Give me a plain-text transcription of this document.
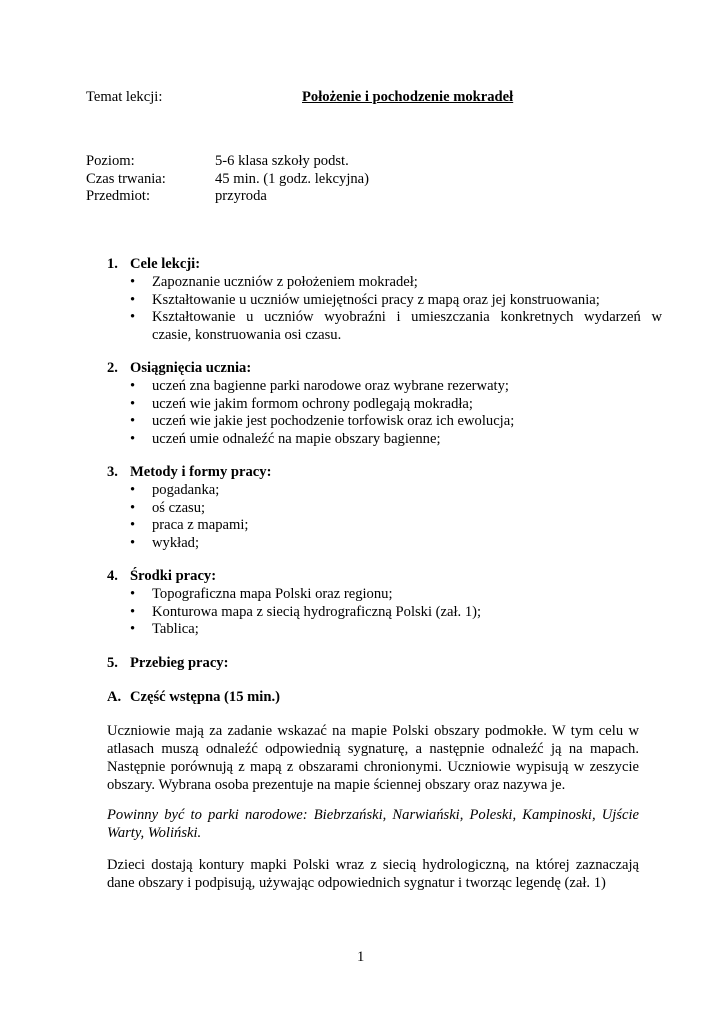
Temat lekcji:	Położenie i pochodzenie mokradeł
Poziom:	5-6 klasa szkoły podst.
Czas trwania:	45 min. (1 godz. lekcyjna)
Przedmiot:	przyroda
1. Cele lekcji:
• Zapoznanie uczniów z położeniem mokradeł;
• Kształtowanie u uczniów umiejętności pracy z mapą oraz jej konstruowania;
• Kształtowanie u uczniów wyobraźni i umieszczania konkretnych wydarzeń w
czasie, konstruowania osi czasu.
2. Osiągnięcia ucznia:
• uczeń zna bagienne parki narodowe oraz wybrane rezerwaty;
• uczeń wie jakim formom ochrony podlegają mokradła;
• uczeń wie jakie jest pochodzenie torfowisk oraz ich ewolucja;
• uczeń umie odnaleźć na mapie obszary bagienne;
3. Metody i formy pracy:
• pogadanka;
• oś czasu;
• praca z mapami;
• wykład;
4. Środki pracy:
• Topograficzna mapa Polski oraz regionu;
• Konturowa mapa z siecią hydrograficzną Polski (zał. 1);
• Tablica;
5. Przebieg pracy:
A. Część wstępna (15 min.)
Uczniowie mają za zadanie wskazać na mapie Polski obszary podmokłe. W tym celu w
atlasach muszą odnaleźć odpowiednią sygnaturę, a następnie odnaleźć ją na mapach.
Następnie porównują z mapą z obszarami chronionymi. Uczniowie wypisują w zeszycie
obszary. Wybrana osoba prezentuje na mapie ściennej obszary oraz nazywa je.
Powinny być to parki narodowe: Biebrzański, Narwiański, Poleski, Kampinoski, Ujście
Warty, Woliński.
Dzieci dostają kontury mapki Polski wraz z siecią hydrologiczną, na której zaznaczają
dane obszary i podpisują, używając odpowiednich sygnatur i tworząc legendę (zał. 1)
1
